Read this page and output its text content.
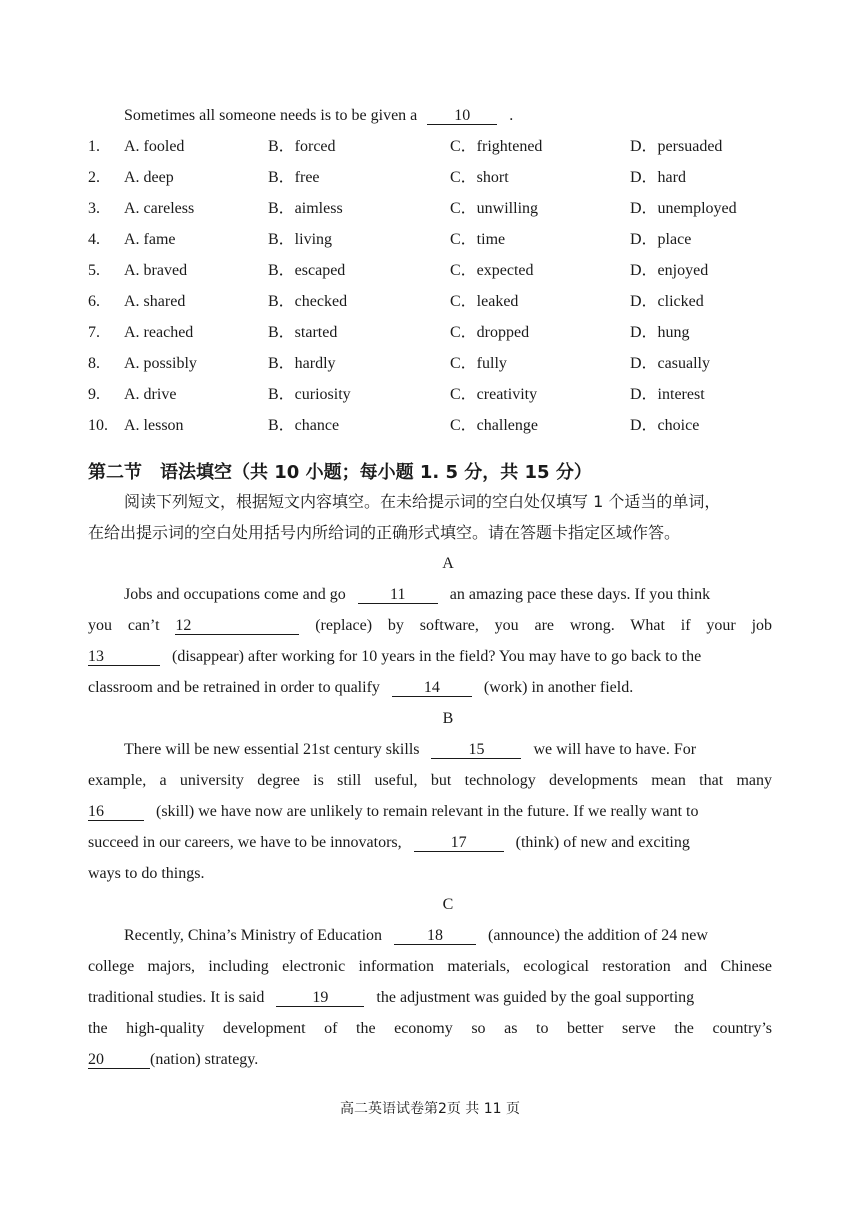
Sometimes all someone needs is to be given a 10 .
1. A. fooled	B．forced	C．frightened	D．persuaded
2. A. deep	B．free	C．short	D．hard
3. A. careless	B．aimless	C．unwilling	D．unemployed
4. A. fame	B．living	C．time	D．place
5. A. braved	B．escaped	C．expected	D．enjoyed
6. A. shared	B．checked	C．leaked	D．clicked
7. A. reached	B．started	C．dropped	D．hung
8. A. possibly	B．hardly	C．fully	D．casually
9. A. drive	B．curiosity	C．creativity	D．interest
10. A. lesson	B．chance	C．challenge	D．choice
第二节　语法填空（共 10 小题；每小题 1. 5 分，共 15 分）
阅读下列短文，根据短文内容填空。在未给提示词的空白处仅填写 1 个适当的单词，
在给出提示词的空白处用括号内所给词的正确形式填空。请在答题卡指定区域作答。
A
Jobs and occupations come and go	11	an amazing pace these days. If you think
you can’t 12	(replace) by software, you are wrong. What if your job
13	(disappear) after working for 10 years in the field? You may have to go back to the
classroom and be retrained in order to qualify	14	(work) in another field.
B
There will be new essential 21st century skills	15	we will have to have. For
example, a university degree is still useful, but technology developments mean that many
16	(skill) we have now are unlikely to remain relevant in the future. If we really want to
succeed in our careers, we have to be innovators,	17	(think) of new and exciting
ways to do things.
C
Recently, China’s Ministry of Education	18	(announce) the addition of 24 new
college majors, including electronic information materials, ecological restoration and Chinese
traditional studies. It is said	19	the adjustment was guided by the goal supporting
the high-quality development of the economy so as to better serve the country’s
20	(nation) strategy.
高二英语试卷第2页 共 11 页
